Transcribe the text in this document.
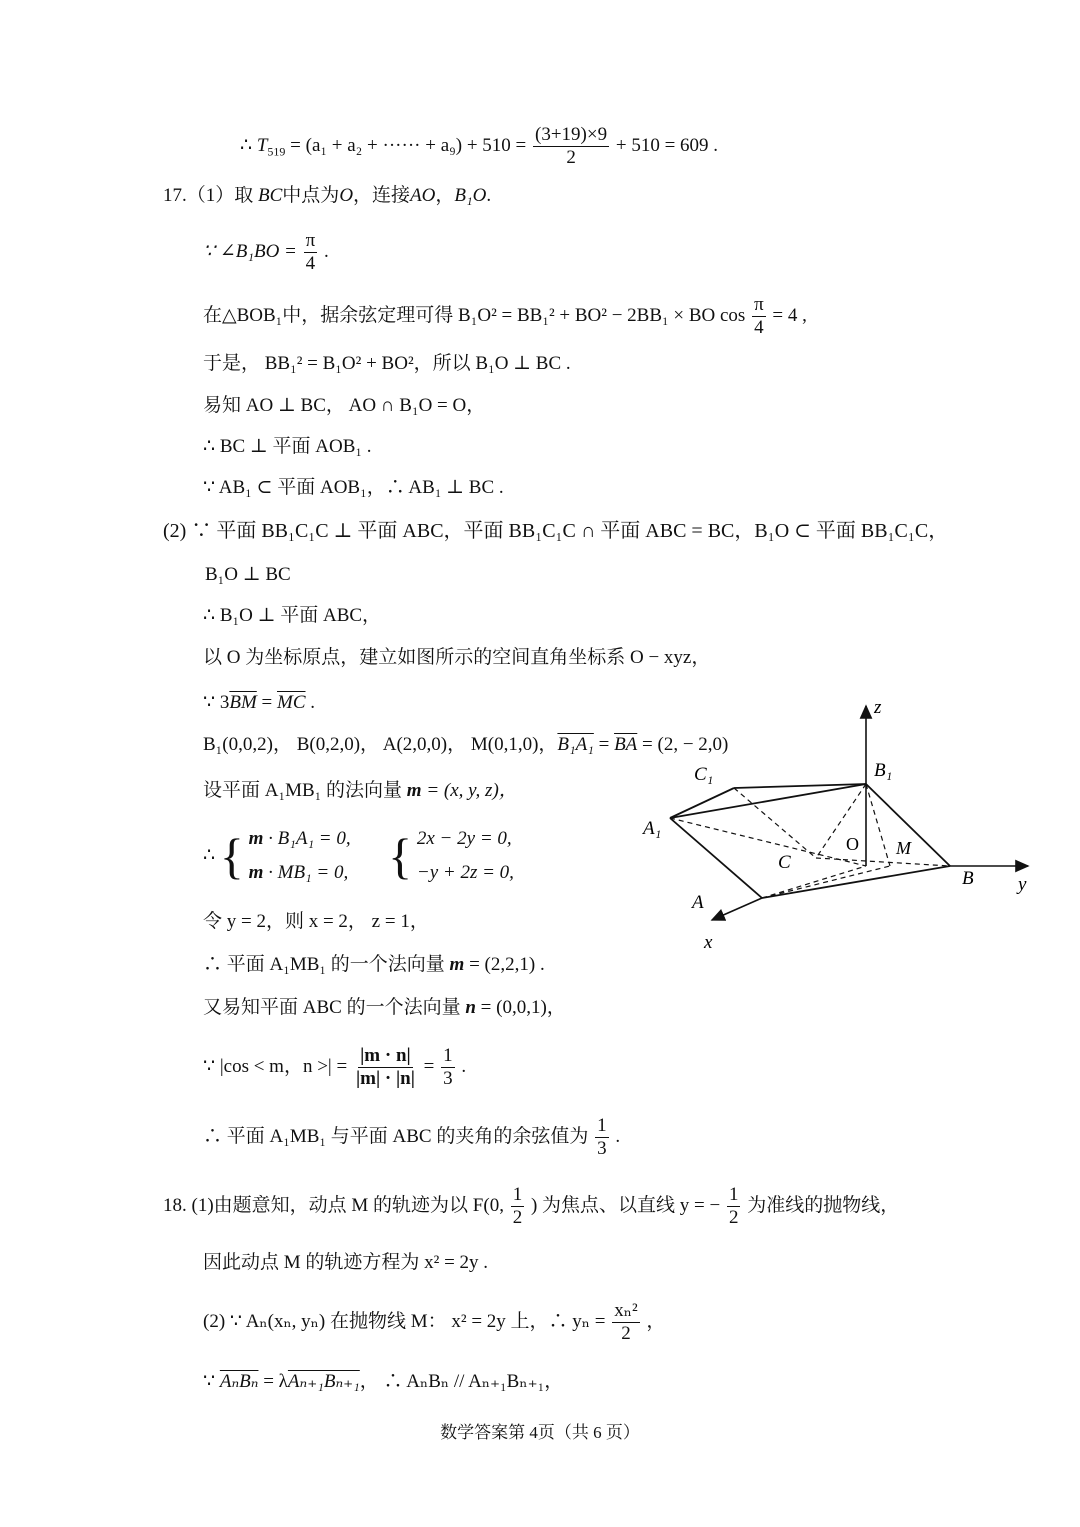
∴ $T_{519} = (a_1 + a_2$ + ······ + $a_9) + 510 = \frac{(3+19)\times 9}{2} + 510 = 609$ .
17.（1）取 BC中点为O，连接AO，B₁O.
∵ ∠B₁BO = $\frac{\pi}{4}$ .
在△BOB₁中，据余弦定理可得 B₁O² = BB₁² + BO² − 2BB₁ × BO $\cos \frac{\pi}{4} = 4$ ,
于是， BB₁² = B₁O² + BO²，所以 B₁O ⊥ BC .
易知 AO ⊥ BC， AO ∩ B₁O = O，
∴ BC ⊥ 平面 AOB₁ .
∵ AB₁ ⊂ 平面 AOB₁，∴ AB₁ ⊥ BC .
(2) ∵ 平面 BB₁C₁C ⊥ 平面 ABC，平面 BB₁C₁C ∩ 平面 ABC = BC，B₁O ⊂ 平面 BB₁C₁C，
B₁O ⊥ BC
∴ B₁O ⊥ 平面 ABC，
以 O 为坐标原点，建立如图所示的空间直角坐标系 O − xyz，
∵ $3\overline{BM} = \overline{MC}$ .
B₁(0,0,2)， B(0,2,0)， A(2,0,0)， M(0,1,0)，$B_1A_1 = \overline{BA} = (2$, − 2,0)
设平面 A₁MB₁ 的法向量 m = (x, y, z)，
∴ { m · B₁A₁ = 0,
m · MB₁ = 0, { 2x − 2y = 0,
−y + 2z = 0,
令 y = 2，则 x = 2， z = 1，
∴ 平面 A₁MB₁ 的一个法向量 m = (2,2,1) .
又易知平面 ABC 的一个法向量 n = (0,0,1)，
∵ |cos < m，n >| = $\frac{|m \cdot n|}{|m| \cdot |n|} = \frac{1}{3}$ .
∴ 平面 A₁MB₁ 与平面 ABC 的夹角的余弦值为 $\frac{1}{3}$ .
18. (1)由题意知，动点 M 的轨迹为以 F(0, $\frac{1}{2}$ ) 为焦点、以直线 y = − $\frac{1}{2}$ 为准线的抛物线，
因此动点 M 的轨迹方程为 x² = 2y .
(2) ∵ Aₙ(xₙ, yₙ) 在抛物线 M： x² = 2y 上，∴ $y_n = \frac{\text{xₙ²}}{2}$ ，
∵ AₙBₙ = λAₙ₊₁Bₙ₊₁， ∴ AₙBₙ // Aₙ₊₁Bₙ₊₁，
z
y
x
B₁
C₁
A₁
O M
C
B
A
数学答案第 4页（共 6 页）
